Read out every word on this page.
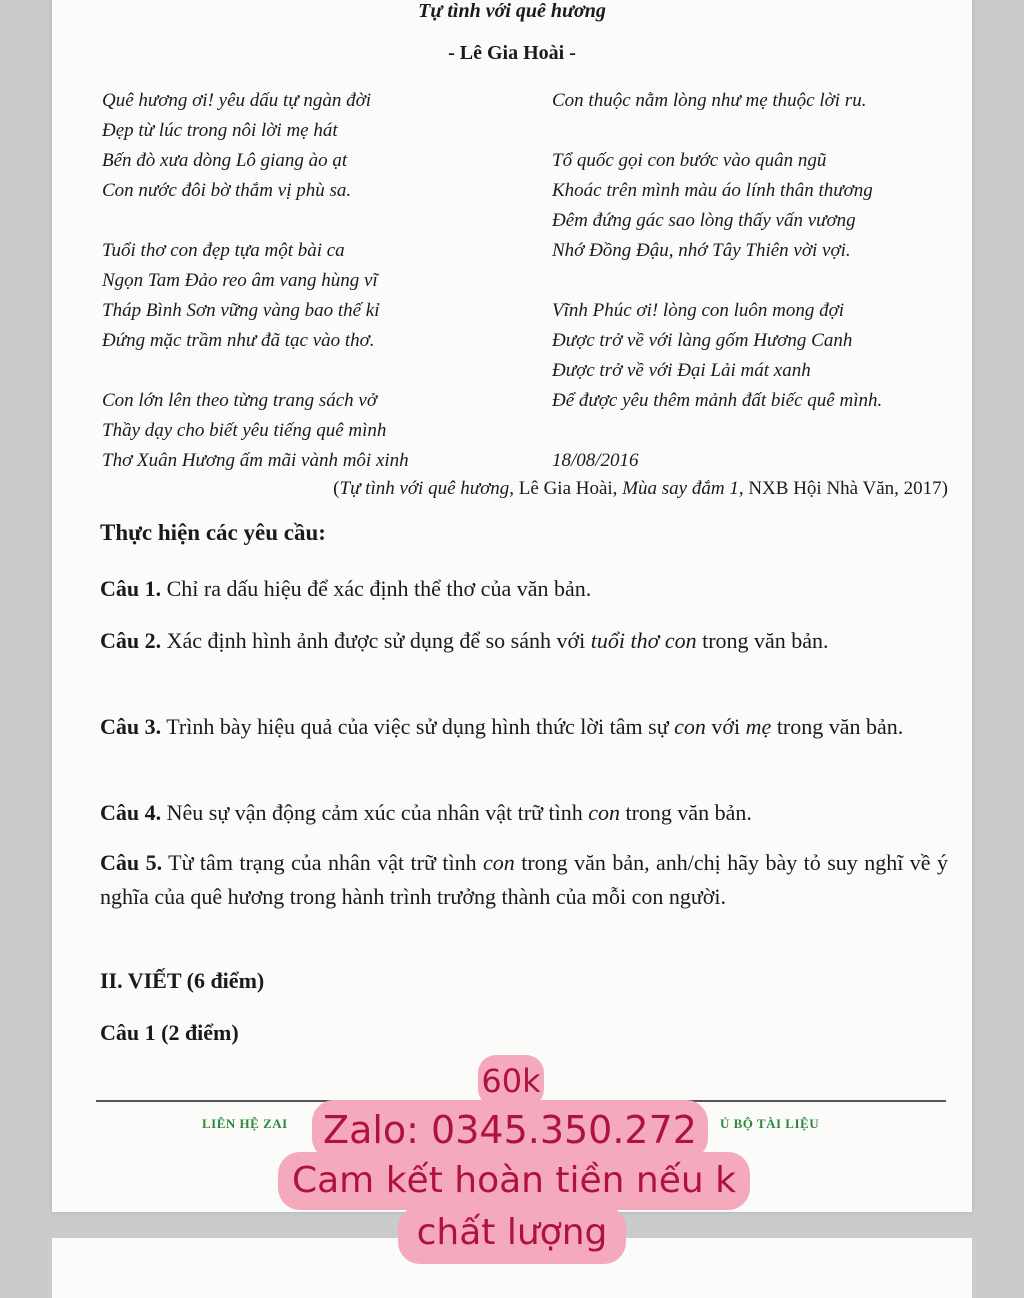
Tự tình với quê hương
- Lê Gia Hoài -
Quê hương ơi! yêu dấu tự ngàn đời
Đẹp từ lúc trong nôi lời mẹ hát
Bến đò xưa dòng Lô giang ào ạt
Con nước đôi bờ thắm vị phù sa.
Tuổi thơ con đẹp tựa một bài ca
Ngọn Tam Đảo reo âm vang hùng vĩ
Tháp Bình Sơn vững vàng bao thế kỉ
Đứng mặc trầm như đã tạc vào thơ.
Con lớn lên theo từng trang sách vở
Thầy dạy cho biết yêu tiếng quê mình
Thơ Xuân Hương ấm mãi vành môi xinh
Con thuộc nằm lòng như mẹ thuộc lời ru.
Tổ quốc gọi con bước vào quân ngũ
Khoác trên mình màu áo lính thân thương
Đêm đứng gác sao lòng thấy vấn vương
Nhớ Đồng Đậu, nhớ Tây Thiên vời vợi.
Vĩnh Phúc ơi! lòng con luôn mong đợi
Được trở về với làng gốm Hương Canh
Được trở về với Đại Lải mát xanh
Để được yêu thêm mảnh đất biếc quê mình.
18/08/2016
(Tự tình với quê hương, Lê Gia Hoài, Mùa say đắm 1, NXB Hội Nhà Văn, 2017)
Thực hiện các yêu cầu:
Câu 1. Chỉ ra dấu hiệu để xác định thể thơ của văn bản.
Câu 2. Xác định hình ảnh được sử dụng để so sánh với tuổi thơ con trong văn bản.
Câu 3. Trình bày hiệu quả của việc sử dụng hình thức lời tâm sự con với mẹ trong văn bản.
Câu 4. Nêu sự vận động cảm xúc của nhân vật trữ tình con trong văn bản.
Câu 5. Từ tâm trạng của nhân vật trữ tình con trong văn bản, anh/chị hãy bày tỏ suy nghĩ về ý nghĩa của quê hương trong hành trình trưởng thành của mỗi con người.
II. VIẾT (6 điểm)
Câu 1 (2 điểm)
LIÊN HỆ ZAI	Ủ BỘ TÀI LIỆU
60k
Zalo: 0345.350.272
Cam kết hoàn tiền nếu k
chất lượng
